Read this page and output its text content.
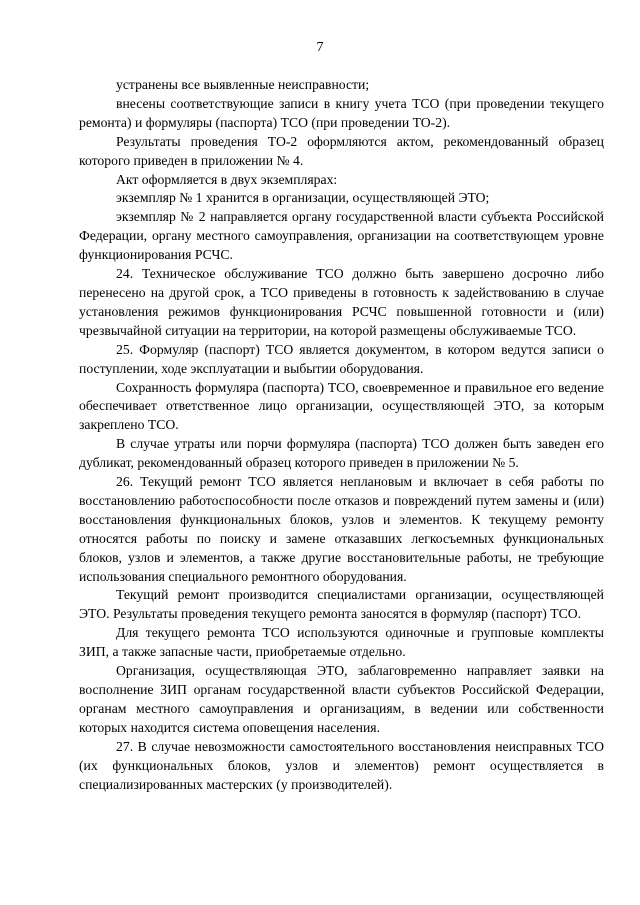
7

устранены все выявленные неисправности;

внесены соответствующие записи в книгу учета ТСО (при проведении текущего ремонта) и формуляры (паспорта) ТСО (при проведении ТО-2).

Результаты проведения ТО-2 оформляются актом, рекомендованный образец которого приведен в приложении № 4.

Акт оформляется в двух экземплярах:

экземпляр № 1 хранится в организации, осуществляющей ЭТО;

экземпляр № 2 направляется органу государственной власти субъекта Российской Федерации, органу местного самоуправления, организации на соответствующем уровне функционирования РСЧС.

24. Техническое обслуживание ТСО должно быть завершено досрочно либо перенесено на другой срок, а ТСО приведены в готовность к задействованию в случае установления режимов функционирования РСЧС повышенной готовности и (или) чрезвычайной ситуации на территории, на которой размещены обслуживаемые ТСО.

25. Формуляр (паспорт) ТСО является документом, в котором ведутся записи о поступлении, ходе эксплуатации и выбытии оборудования.

Сохранность формуляра (паспорта) ТСО, своевременное и правильное его ведение обеспечивает ответственное лицо организации, осуществляющей ЭТО, за которым закреплено ТСО.

В случае утраты или порчи формуляра (паспорта) ТСО должен быть заведен его дубликат, рекомендованный образец которого приведен в приложении № 5.

26. Текущий ремонт ТСО является неплановым и включает в себя работы по восстановлению работоспособности после отказов и повреждений путем замены и (или) восстановления функциональных блоков, узлов и элементов. К текущему ремонту относятся работы по поиску и замене отказавших легкосъемных функциональных блоков, узлов и элементов, а также другие восстановительные работы, не требующие использования специального ремонтного оборудования.

Текущий ремонт производится специалистами организации, осуществляющей ЭТО. Результаты проведения текущего ремонта заносятся в формуляр (паспорт) ТСО.

Для текущего ремонта ТСО используются одиночные и групповые комплекты ЗИП, а также запасные части, приобретаемые отдельно.

Организация, осуществляющая ЭТО, заблаговременно направляет заявки на восполнение ЗИП органам государственной власти субъектов Российской Федерации, органам местного самоуправления и организациям, в ведении или собственности которых находится система оповещения населения.

27. В случае невозможности самостоятельного восстановления неисправных ТСО (их функциональных блоков, узлов и элементов) ремонт осуществляется в специализированных мастерских (у производителей).
